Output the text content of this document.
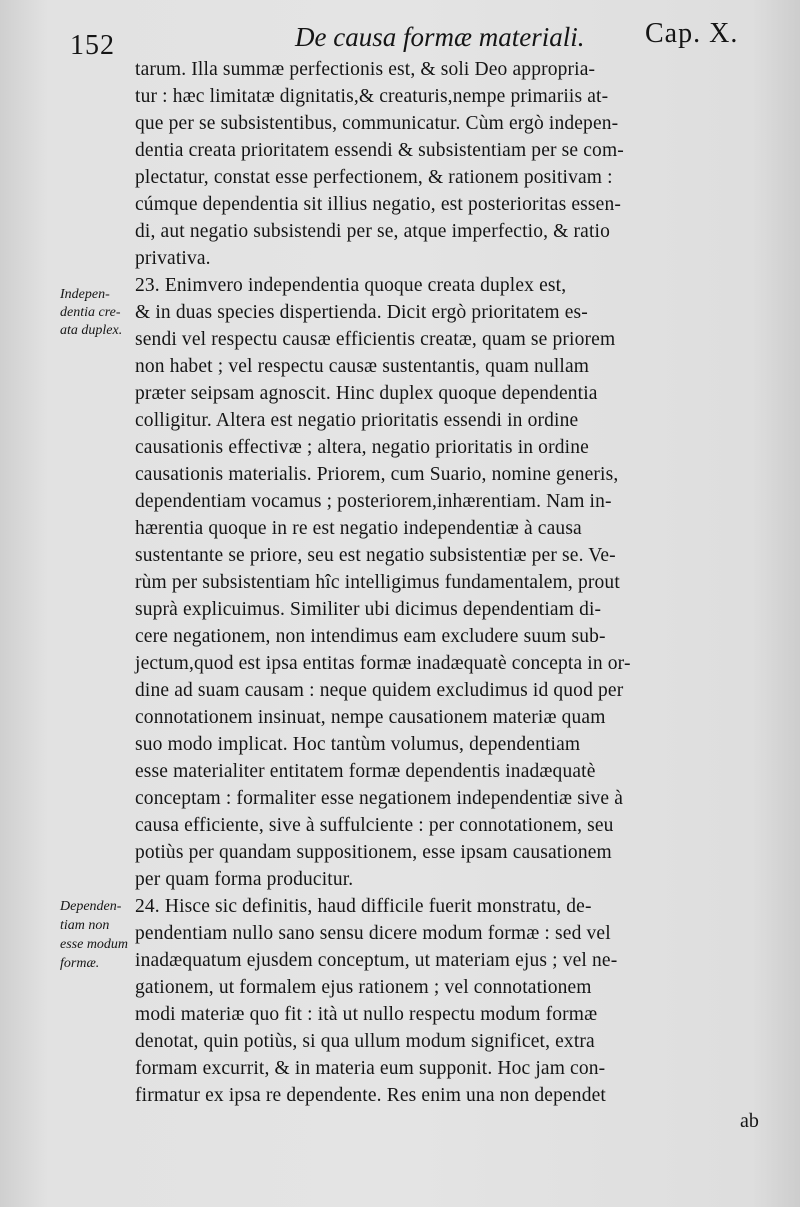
152	De causa formæ materiali. Cap. X.
Indepen-
dentia cre-
ata duplex.
Dependen-
tiam non
esse modum
formæ.
tarum. Illa summæ perfectionis est, & soli Deo appropria-
tur : hæc limitatæ dignitatis,& creaturis,nempe primariis at-
que per se subsistentibus, communicatur. Cùm ergò indepen-
dentia creata prioritatem essendi & subsistentiam per se com-
plectatur, constat esse perfectionem, & rationem positivam :
cúmque dependentia sit illius negatio, est posterioritas essen-
di, aut negatio subsistendi per se, atque imperfectio, & ratio
privativa.
23. Enimvero independentia quoque creata duplex est,
& in duas species dispertienda. Dicit ergò prioritatem es-
sendi vel respectu causæ efficientis creatæ, quam se priorem
non habet ; vel respectu causæ sustentantis, quam nullam
præter seipsam agnoscit. Hinc duplex quoque dependentia
colligitur. Altera est negatio prioritatis essendi in ordine
causationis effectivæ ; altera, negatio prioritatis in ordine
causationis materialis. Priorem, cum Suario, nomine generis,
dependentiam vocamus ; posteriorem,inhærentiam. Nam in-
hærentia quoque in re est negatio independentiæ à causa
sustentante se priore, seu est negatio subsistentiæ per se. Ve-
rùm per subsistentiam hîc intelligimus fundamentalem, prout
suprà explicuimus. Similiter ubi dicimus dependentiam di-
cere negationem, non intendimus eam excludere suum sub-
jectum,quod est ipsa entitas formæ inadæquatè concepta in or-
dine ad suam causam : neque quidem excludimus id quod per
connotationem insinuat, nempe causationem materiæ quam
suo modo implicat. Hoc tantùm volumus, dependentiam
esse materialiter entitatem formæ dependentis inadæquatè
conceptam : formaliter esse negationem independentiæ sive à
causa efficiente, sive à suffulciente : per connotationem, seu
potiùs per quandam suppositionem, esse ipsam causationem
per quam forma producitur.
24. Hisce sic definitis, haud difficile fuerit monstratu, de-
pendentiam nullo sano sensu dicere modum formæ : sed vel
inadæquatum ejusdem conceptum, ut materiam ejus ; vel ne-
gationem, ut formalem ejus rationem ; vel connotationem
modi materiæ quo fit : ità ut nullo respectu modum formæ
denotat, quin potiùs, si qua ullum modum significet, extra
formam excurrit, & in materia eum supponit. Hoc jam con-
firmatur ex ipsa re dependente. Res enim una non dependet
ab
